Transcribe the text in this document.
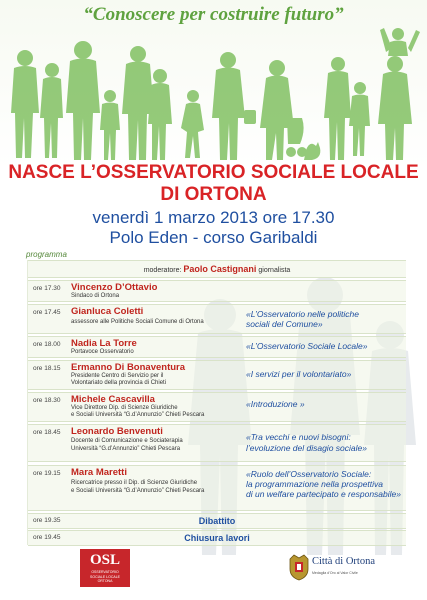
“Conoscere per costruire futuro”
NASCE L’OSSERVATORIO SOCIALE LOCALE
DI ORTONA
venerdì 1 marzo 2013 ore 17.30
Polo Eden - corso Garibaldi
programma
moderatore: Paolo Castignani giornalista
ore 17.30 Vincenzo D’Ottavio
Sindaco di Ortona
ore 17.45 Gianluca Coletti
assessore alle Politiche Sociali Comune di Ortona
«L’Osservatorio nelle politiche
sociali del Comune»
ore 18.00 Nadia La Torre
Portavoce Osservatorio
«L’Osservatorio Sociale Locale»
ore 18.15 Ermanno Di Bonaventura
Presidente Centro di Servizio per il
Volontariato della provincia di Chieti
«I servizi per il volontariato»
ore 18.30 Michele Cascavilla
Vice Direttore Dip. di Scienze Giuridiche
e Sociali Università “G.d’Annunzio” Chieti Pescara
«Introduzione »
ore 18.45 Leonardo Benvenuti
Docente di Comunicazione e Sociaterapia
Università “G.d’Annunzio” Chieti Pescara
«Tra vecchi e nuovi bisogni:
l’evoluzione del disagio sociale»
ore 19.15 Mara Maretti
Ricercatrice presso il Dip. di Scienze Giuridiche
e Sociali Università “G.d’Annunzio” Chieti Pescara
«Ruolo dell’Osservatorio Sociale:
la programmazione nella prospettiva
di un welfare partecipato e responsabile»
ore 19.35	Dibattito
ore 19.45	Chiusura lavori
OSL
OSSERVATORIO
SOCIALE LOCALE
ORTONA
Città di Ortona
Medaglia d’Oro al Valor Civile
